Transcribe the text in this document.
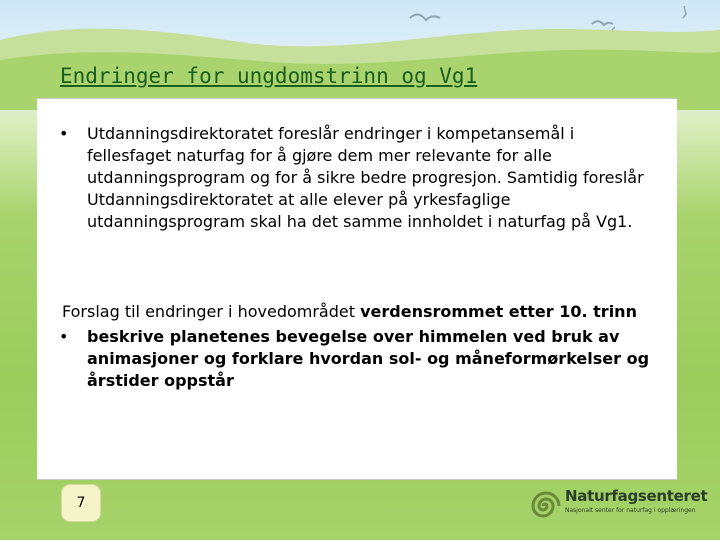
Endringer for ungdomstrinn og Vg1
• Utdanningsdirektoratet foreslår endringer i kompetansemål i fellesfaget naturfag for å gjøre dem mer relevante for alle utdanningsprogram og for å sikre bedre progresjon. Samtidig foreslår Utdanningsdirektoratet at alle elever på yrkesfaglige utdanningsprogram skal ha det samme innholdet i naturfag på Vg1.
Forslag til endringer i hovedområdet verdensrommet etter 10. trinn
• beskrive planetenes bevegelse over himmelen ved bruk av animasjoner og forklare hvordan sol- og måneformørkelser og årstider oppstår
7	Naturfagsenteret
Nasjonalt senter for naturfag i opplæringen
